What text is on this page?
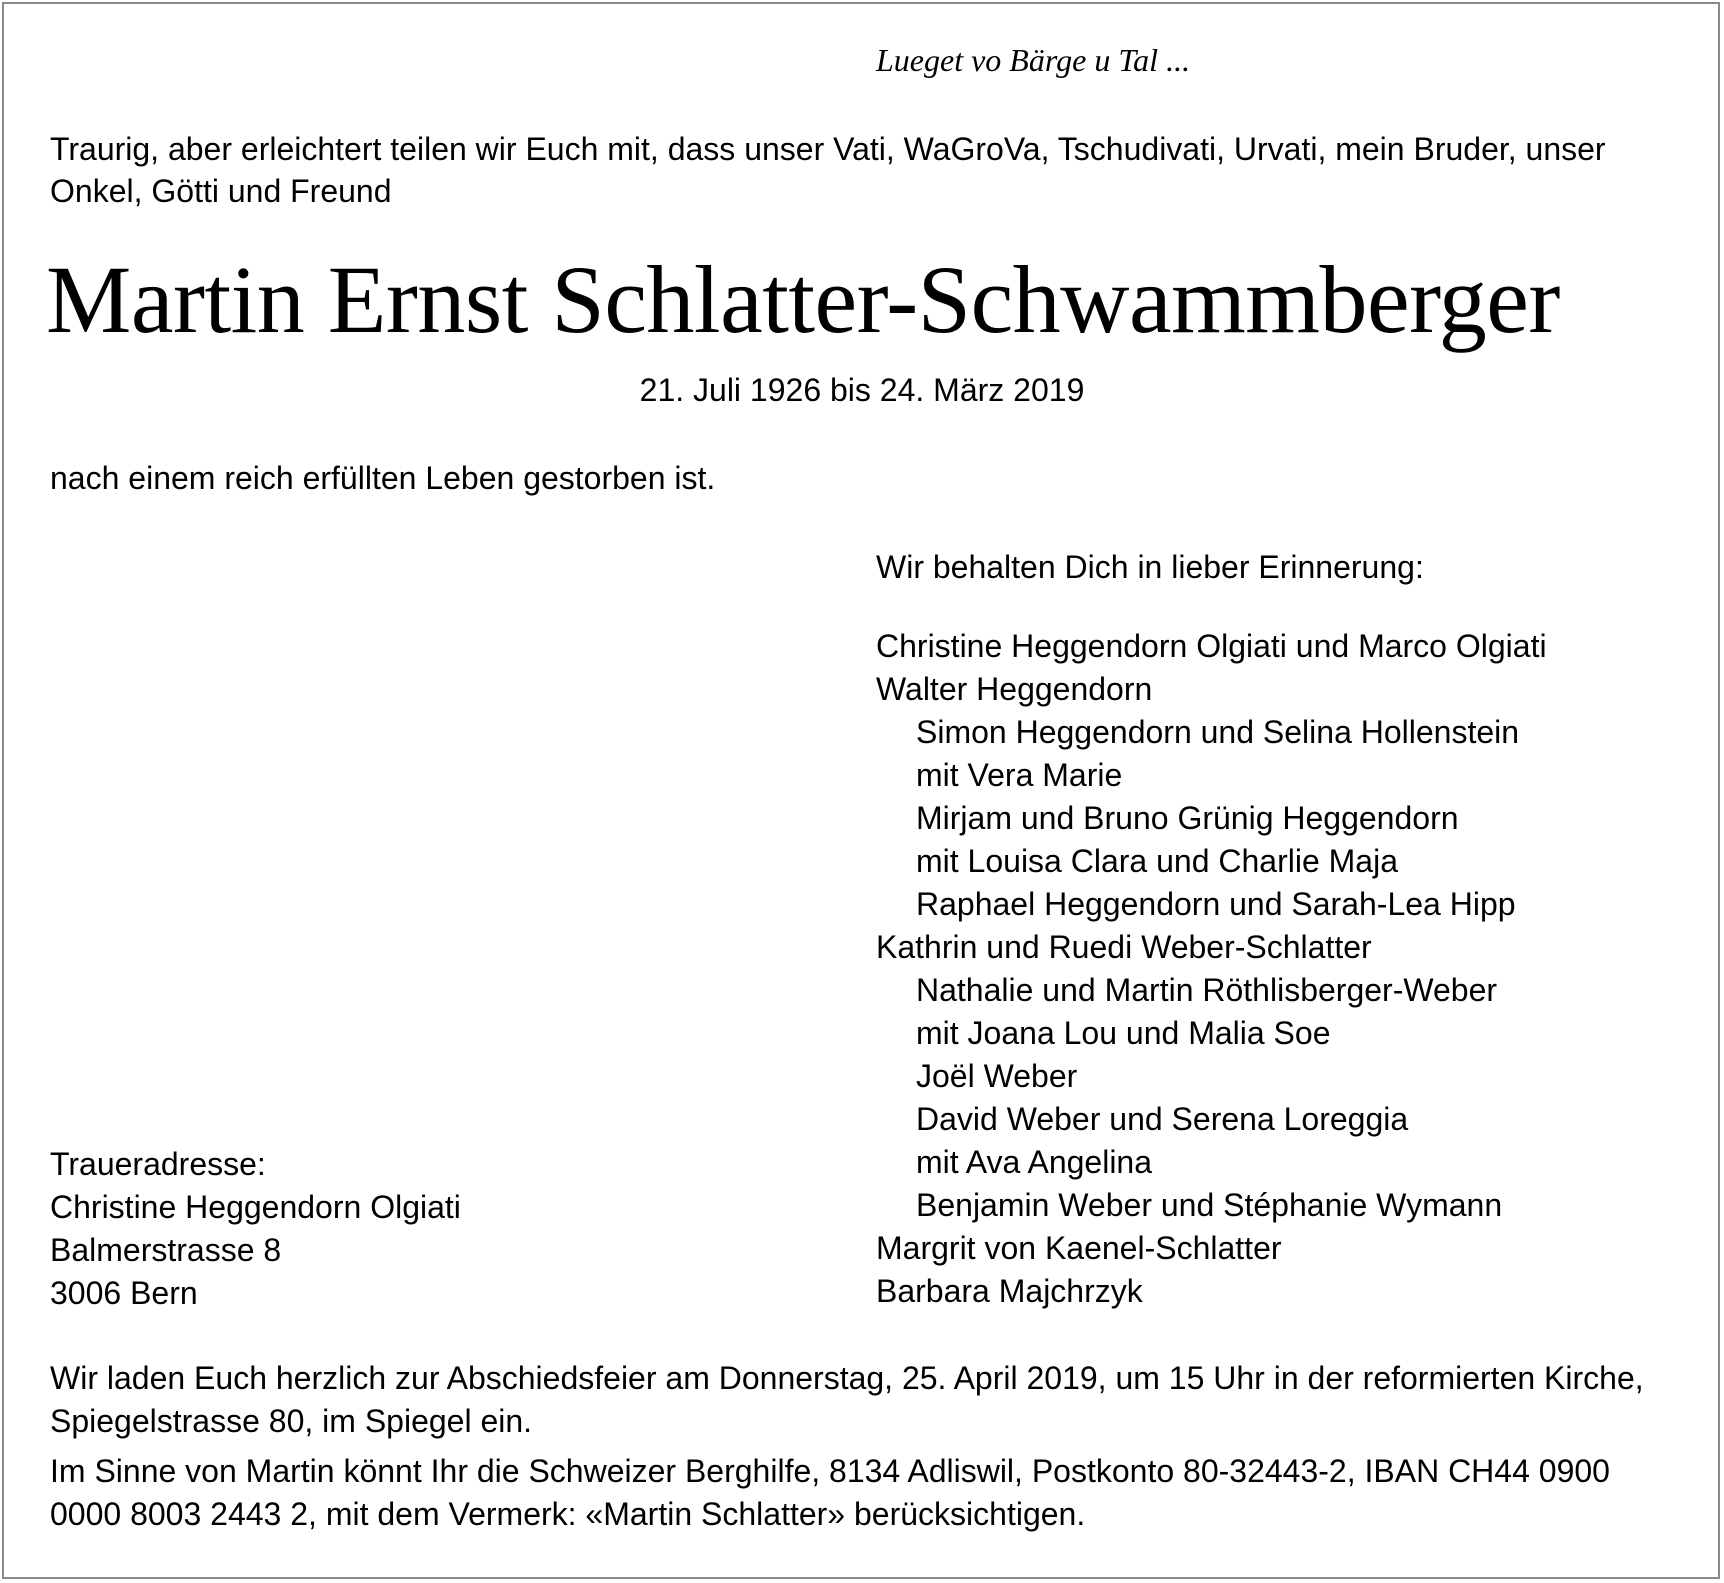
Lueget vo Bärge u Tal ...
Traurig, aber erleichtert teilen wir Euch mit, dass unser Vati, WaGroVa, Tschudivati, Urvati, mein Bruder, unser
Onkel, Götti und Freund
Martin Ernst Schlatter-Schwammberger
21. Juli 1926 bis 24. März 2019
nach einem reich erfüllten Leben gestorben ist.
Wir behalten Dich in lieber Erinnerung:
Christine Heggendorn Olgiati und Marco Olgiati
Walter Heggendorn
Simon Heggendorn und Selina Hollenstein
mit Vera Marie
Mirjam und Bruno Grünig Heggendorn
mit Louisa Clara und Charlie Maja
Raphael Heggendorn und Sarah-Lea Hipp
Kathrin und Ruedi Weber-Schlatter
Nathalie und Martin Röthlisberger-Weber
mit Joana Lou und Malia Soe
Joël Weber
David Weber und Serena Loreggia
mit Ava Angelina
Benjamin Weber und Stéphanie Wymann
Margrit von Kaenel-Schlatter
Barbara Majchrzyk
Traueradresse:
Christine Heggendorn Olgiati
Balmerstrasse 8
3006 Bern
Wir laden Euch herzlich zur Abschiedsfeier am Donnerstag, 25. April 2019, um 15 Uhr in der reformierten Kirche, Spiegelstrasse 80, im Spiegel ein.
Im Sinne von Martin könnt Ihr die Schweizer Berghilfe, 8134 Adliswil, Postkonto 80-32443-2, IBAN CH44 0900 0000 8003 2443 2, mit dem Vermerk: «Martin Schlatter» berücksichtigen.
